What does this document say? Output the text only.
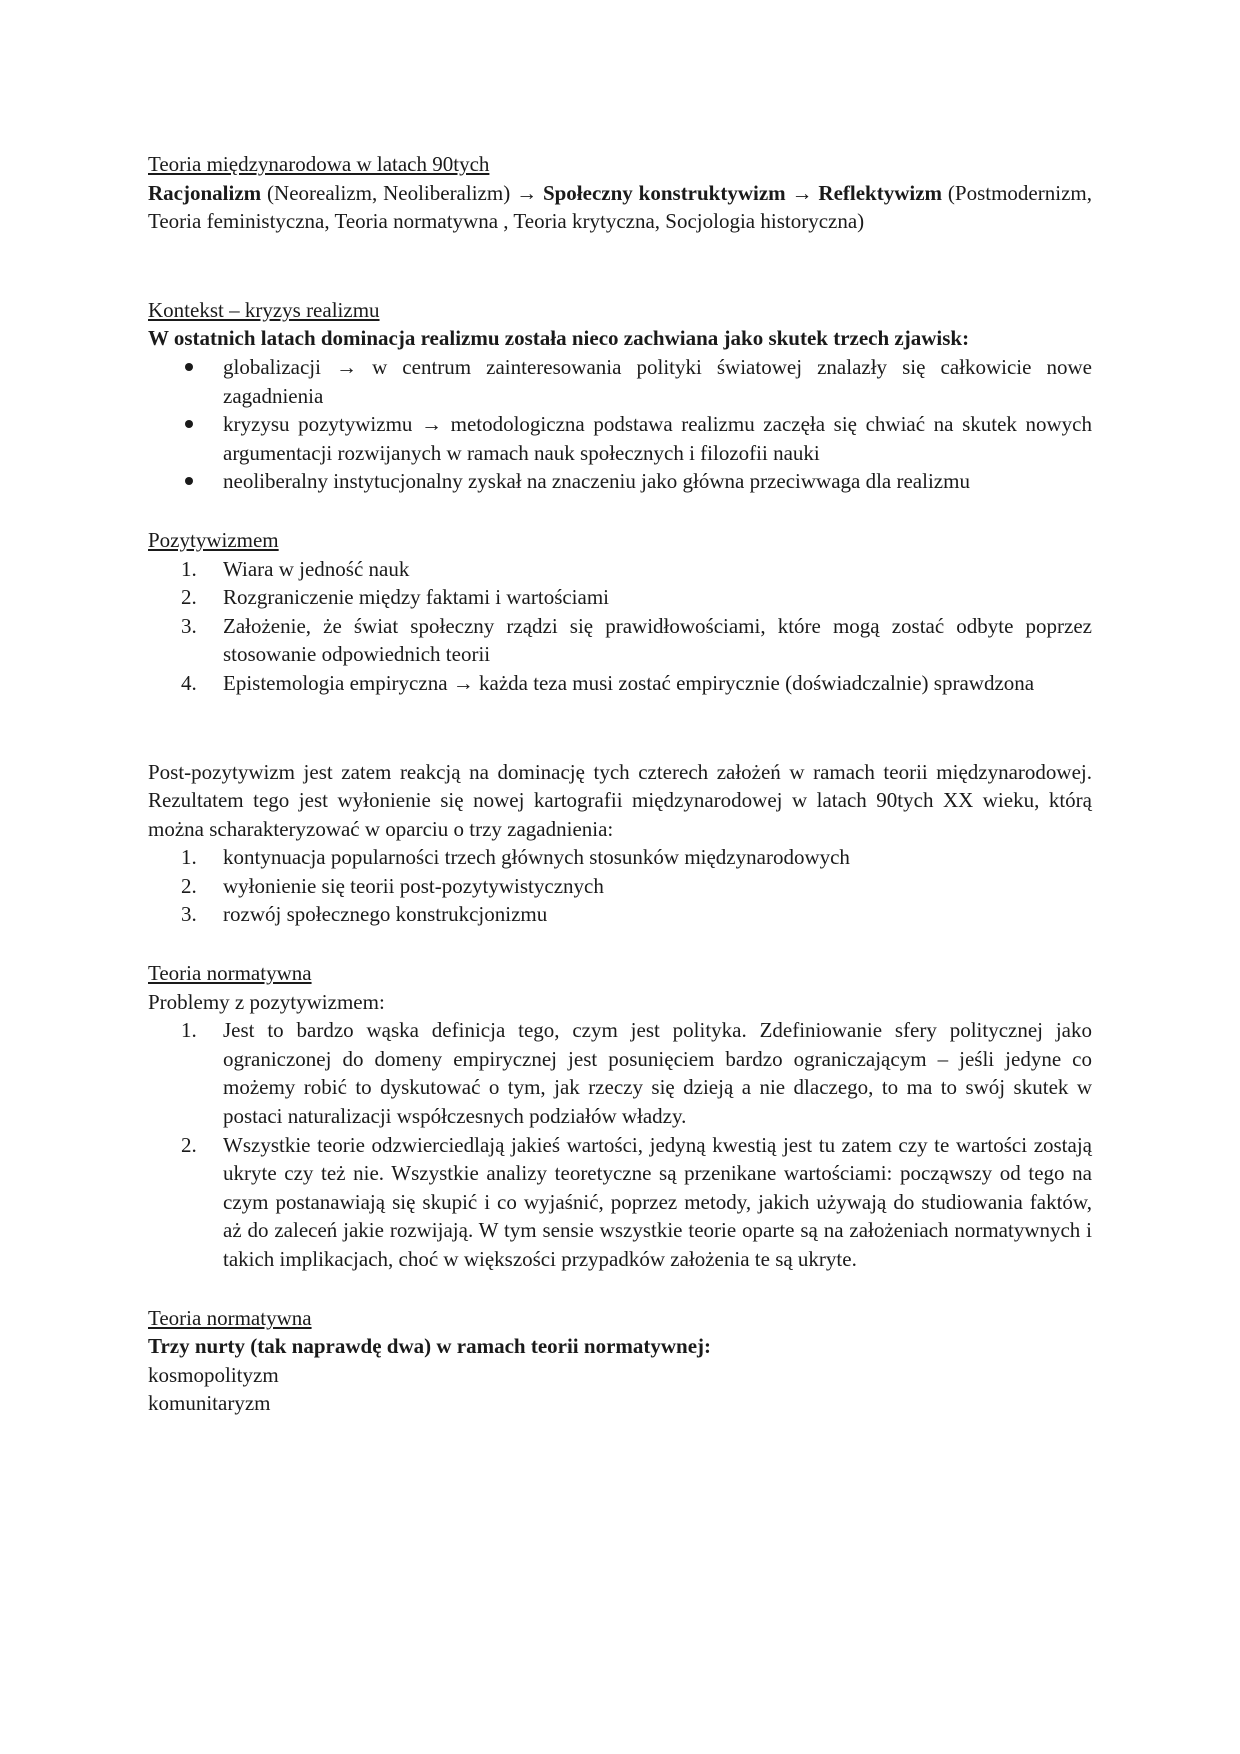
Teoria międzynarodowa w latach 90tych

Racjonalizm (Neorealizm, Neoliberalizm) → Społeczny konstruktywizm → Reflektywizm (Postmodernizm, Teoria feministyczna, Teoria normatywna , Teoria krytyczna, Socjologia historyczna)

Kontekst – kryzys realizmu

W ostatnich latach dominacja realizmu została nieco zachwiana jako skutek trzech zjawisk:

globalizacji → w centrum zainteresowania polityki światowej znalazły się całkowicie nowe zagadnienia
kryzysu pozytywizmu → metodologiczna podstawa realizmu zaczęła się chwiać na skutek nowych argumentacji rozwijanych w ramach nauk społecznych i filozofii nauki
neoliberalny instytucjonalny zyskał na znaczeniu jako główna przeciwwaga dla realizmu

Pozytywizmem

1.	Wiara w jedność nauk
2.	Rozgraniczenie między faktami i wartościami
3.	Założenie, że świat społeczny rządzi się prawidłowościami, które mogą zostać odbyte poprzez stosowanie odpowiednich teorii
4.	Epistemologia empiryczna → każda teza musi zostać empirycznie (doświadczalnie) sprawdzona

Post-pozytywizm jest zatem reakcją na dominację tych czterech założeń w ramach teorii międzynarodowej. Rezultatem tego jest wyłonienie się nowej kartografii międzynarodowej w latach 90tych XX wieku, którą można scharakteryzować w oparciu o trzy zagadnienia:

1.	kontynuacja popularności trzech głównych stosunków międzynarodowych
2.	wyłonienie się teorii post-pozytywistycznych
3.	rozwój społecznego konstrukcjonizmu

Teoria normatywna

Problemy z pozytywizmem:

1.	Jest to bardzo wąska definicja tego, czym jest polityka. Zdefiniowanie sfery politycznej jako ograniczonej do domeny empirycznej jest posunięciem bardzo ograniczającym – jeśli jedyne co możemy robić to dyskutować o tym, jak rzeczy się dzieją a nie dlaczego, to ma to swój skutek w postaci naturalizacji współczesnych podziałów władzy.
2.	Wszystkie teorie odzwierciedlają jakieś wartości, jedyną kwestią jest tu zatem czy te wartości zostają ukryte czy też nie. Wszystkie analizy teoretyczne są przenikane wartościami: począwszy od tego na czym postanawiają się skupić i co wyjaśnić, poprzez metody, jakich używają do studiowania faktów, aż do zaleceń jakie rozwijają. W tym sensie wszystkie teorie oparte są na założeniach normatywnych i takich implikacjach, choć w większości przypadków założenia te są ukryte.

Teoria normatywna

Trzy nurty (tak naprawdę dwa) w ramach teorii normatywnej:

kosmopolityzm

komunitaryzm
